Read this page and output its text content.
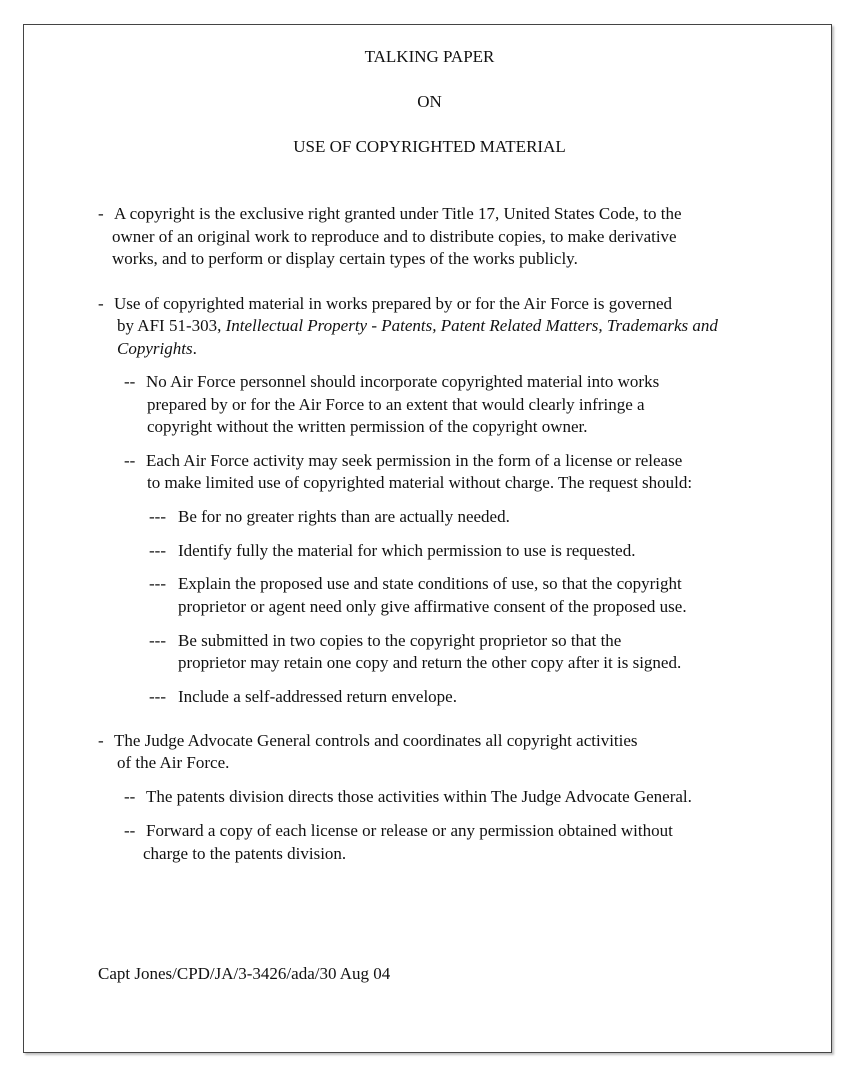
TALKING PAPER

ON

USE OF COPYRIGHTED MATERIAL

- A copyright is the exclusive right granted under Title 17, United States Code, to the

owner of an original work to reproduce and to distribute copies, to make derivative

works, and to perform or display certain types of the works publicly.

- Use of copyrighted material in works prepared by or for the Air Force is governed

by AFI 51-303, Intellectual Property - Patents, Patent Related Matters, Trademarks and

Copyrights.

-- No Air Force personnel should incorporate copyrighted material into works

prepared by or for the Air Force to an extent that would clearly infringe a

copyright without the written permission of the copyright owner.

-- Each Air Force activity may seek permission in the form of a license or release

to make limited use of copyrighted material without charge. The request should:

--- Be for no greater rights than are actually needed.

--- Identify fully the material for which permission to use is requested.

--- Explain the proposed use and state conditions of use, so that the copyright

proprietor or agent need only give affirmative consent of the proposed use.

--- Be submitted in two copies to the copyright proprietor so that the

proprietor may retain one copy and return the other copy after it is signed.

--- Include a self-addressed return envelope.

- The Judge Advocate General controls and coordinates all copyright activities

of the Air Force.

-- The patents division directs those activities within The Judge Advocate General.

-- Forward a copy of each license or release or any permission obtained without

charge to the patents division.

Capt Jones/CPD/JA/3-3426/ada/30 Aug 04
